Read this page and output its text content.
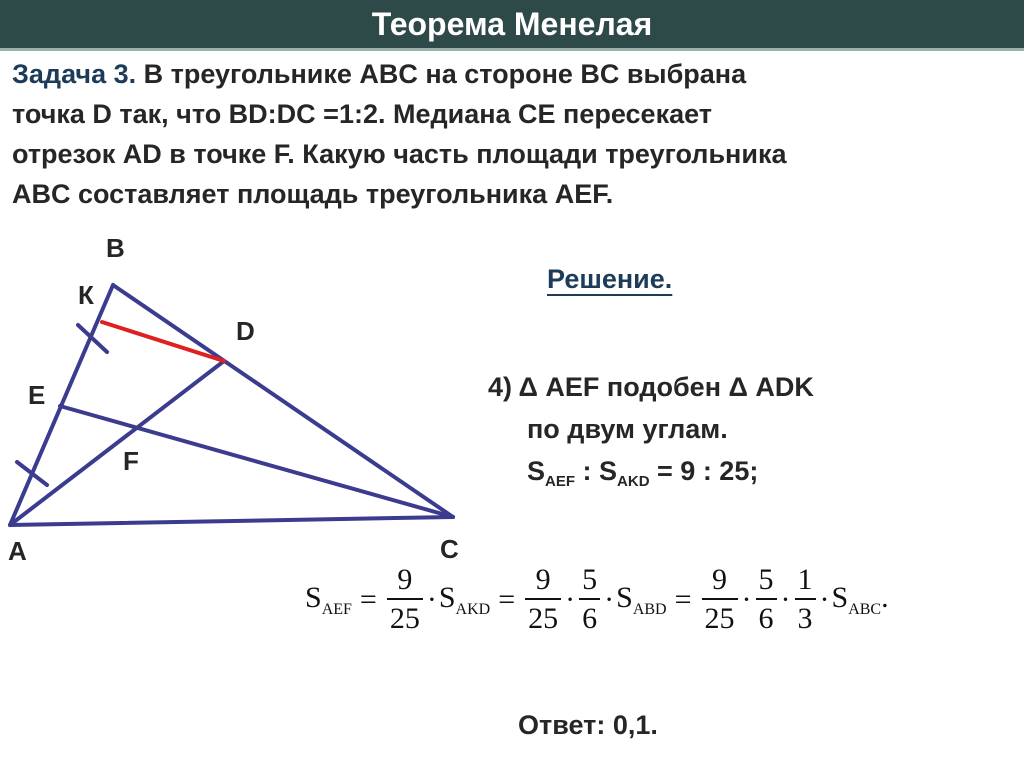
Теорема Менелая
Задача 3. В треугольнике ABC на стороне BC выбрана
точка D так, что BD:DC =1:2. Медиана CE пересекает
отрезок AD в точке F. Какую часть площади треугольника
ABC составляет площадь треугольника AEF.
B
К
D
E
F
A	C
Решение.
4) Δ AEF подобен Δ ADK
по двум углам.
$S_{AEF}$ : $S_{AKD} = 9$ : 25;
$S_{AEF} = \frac{9}{25} \cdot S_{AKD} = \frac{9}{25} \cdot \frac{5}{6} \cdot S_{ABD} = \frac{9}{25} \cdot \frac{5}{6} \cdot \frac{1}{3} \cdot S_{ABC}$.
Ответ: 0,1.
